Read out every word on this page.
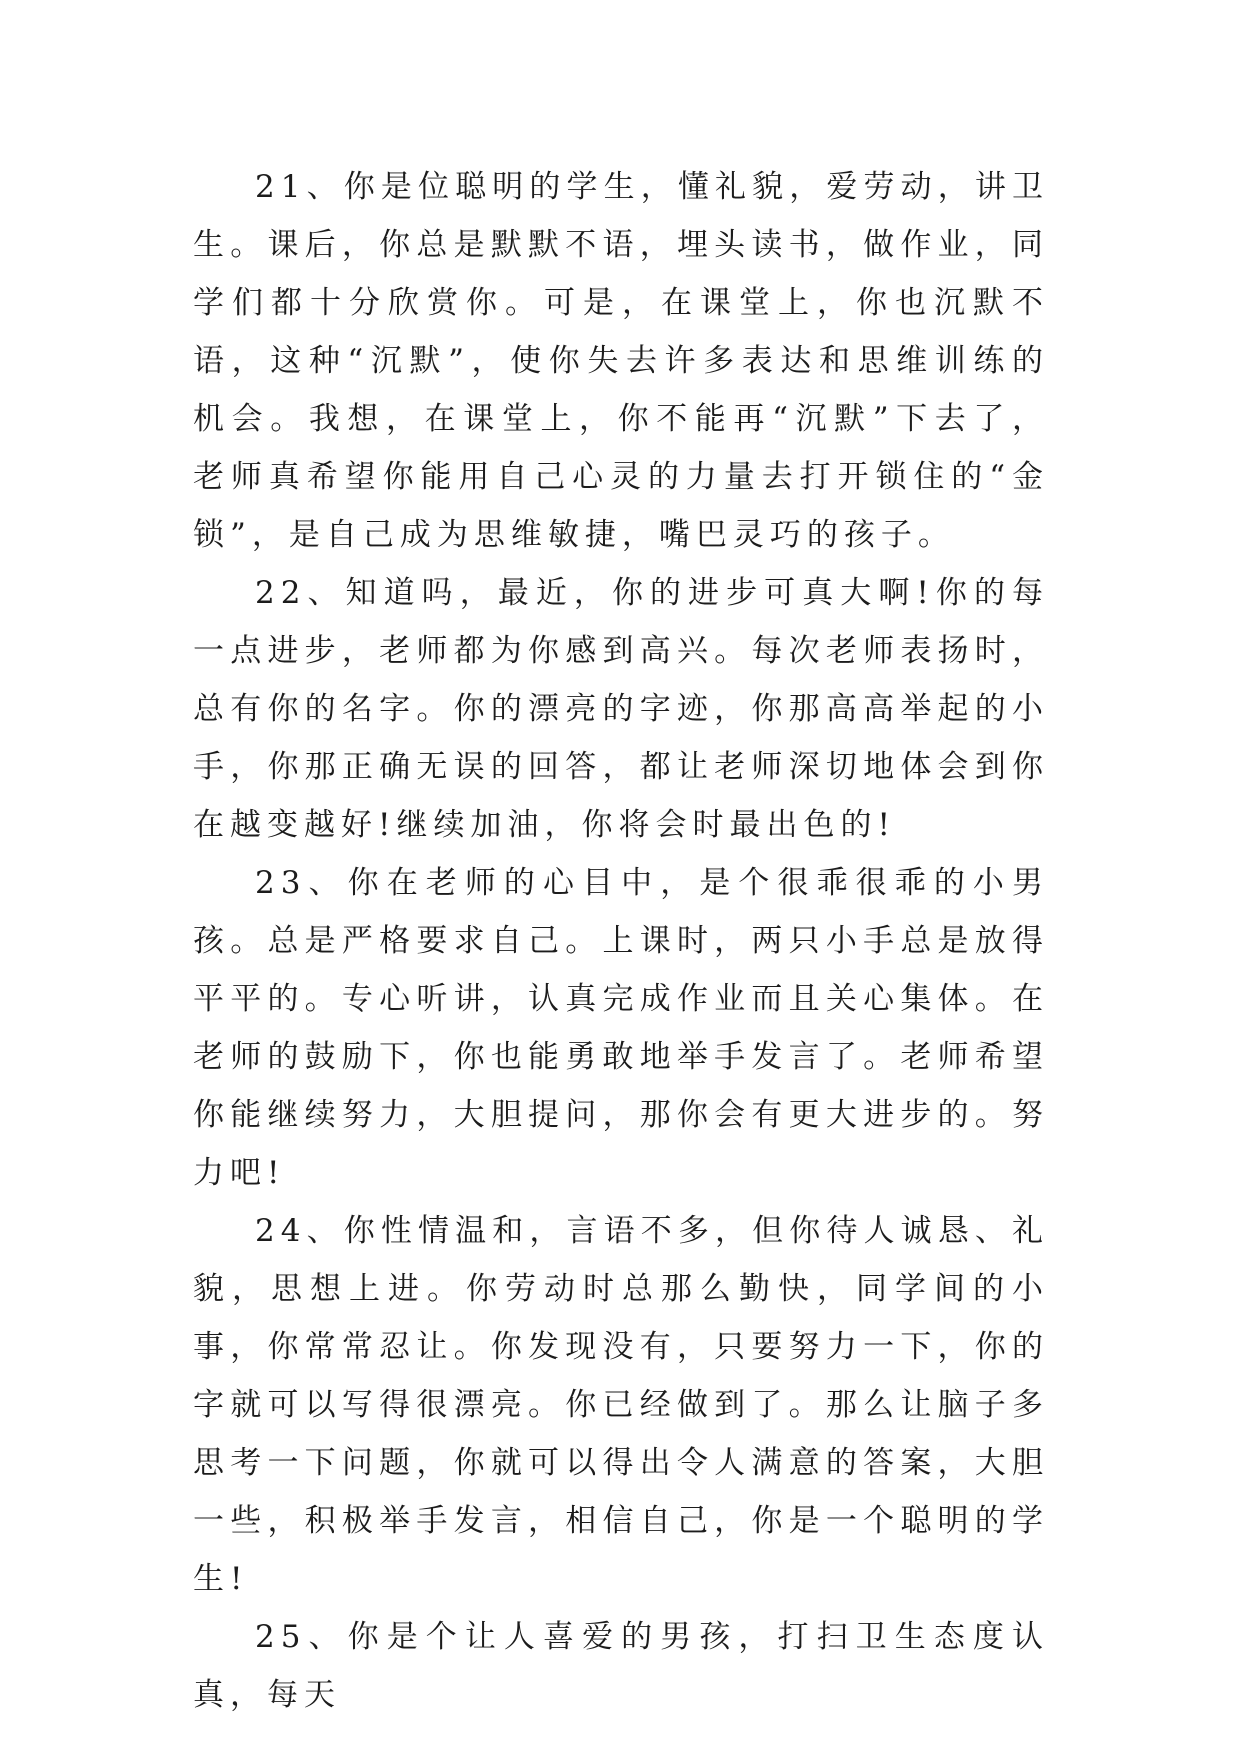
21、你是位聪明的学生，懂礼貌，爱劳动，讲卫生。课后，你总是默默不语，埋头读书，做作业，同学们都十分欣赏你。可是，在课堂上，你也沉默不语，这种“沉默”，使你失去许多表达和思维训练的机会。我想，在课堂上，你不能再“沉默”下去了，老师真希望你能用自己心灵的力量去打开锁住的“金锁”，是自己成为思维敏捷，嘴巴灵巧的孩子。

22、知道吗，最近，你的进步可真大啊!你的每一点进步，老师都为你感到高兴。每次老师表扬时，总有你的名字。你的漂亮的字迹，你那高高举起的小手，你那正确无误的回答，都让老师深切地体会到你在越变越好!继续加油，你将会时最出色的!

23、你在老师的心目中，是个很乖很乖的小男孩。总是严格要求自己。上课时，两只小手总是放得平平的。专心听讲，认真完成作业而且关心集体。在老师的鼓励下，你也能勇敢地举手发言了。老师希望你能继续努力，大胆提问，那你会有更大进步的。努力吧!

24、你性情温和，言语不多，但你待人诚恳、礼貌，思想上进。你劳动时总那么勤快，同学间的小事，你常常忍让。你发现没有，只要努力一下，你的字就可以写得很漂亮。你已经做到了。那么让脑子多思考一下问题，你就可以得出令人满意的答案，大胆一些，积极举手发言，相信自己，你是一个聪明的学生!

25、你是个让人喜爱的男孩，打扫卫生态度认真，每天
